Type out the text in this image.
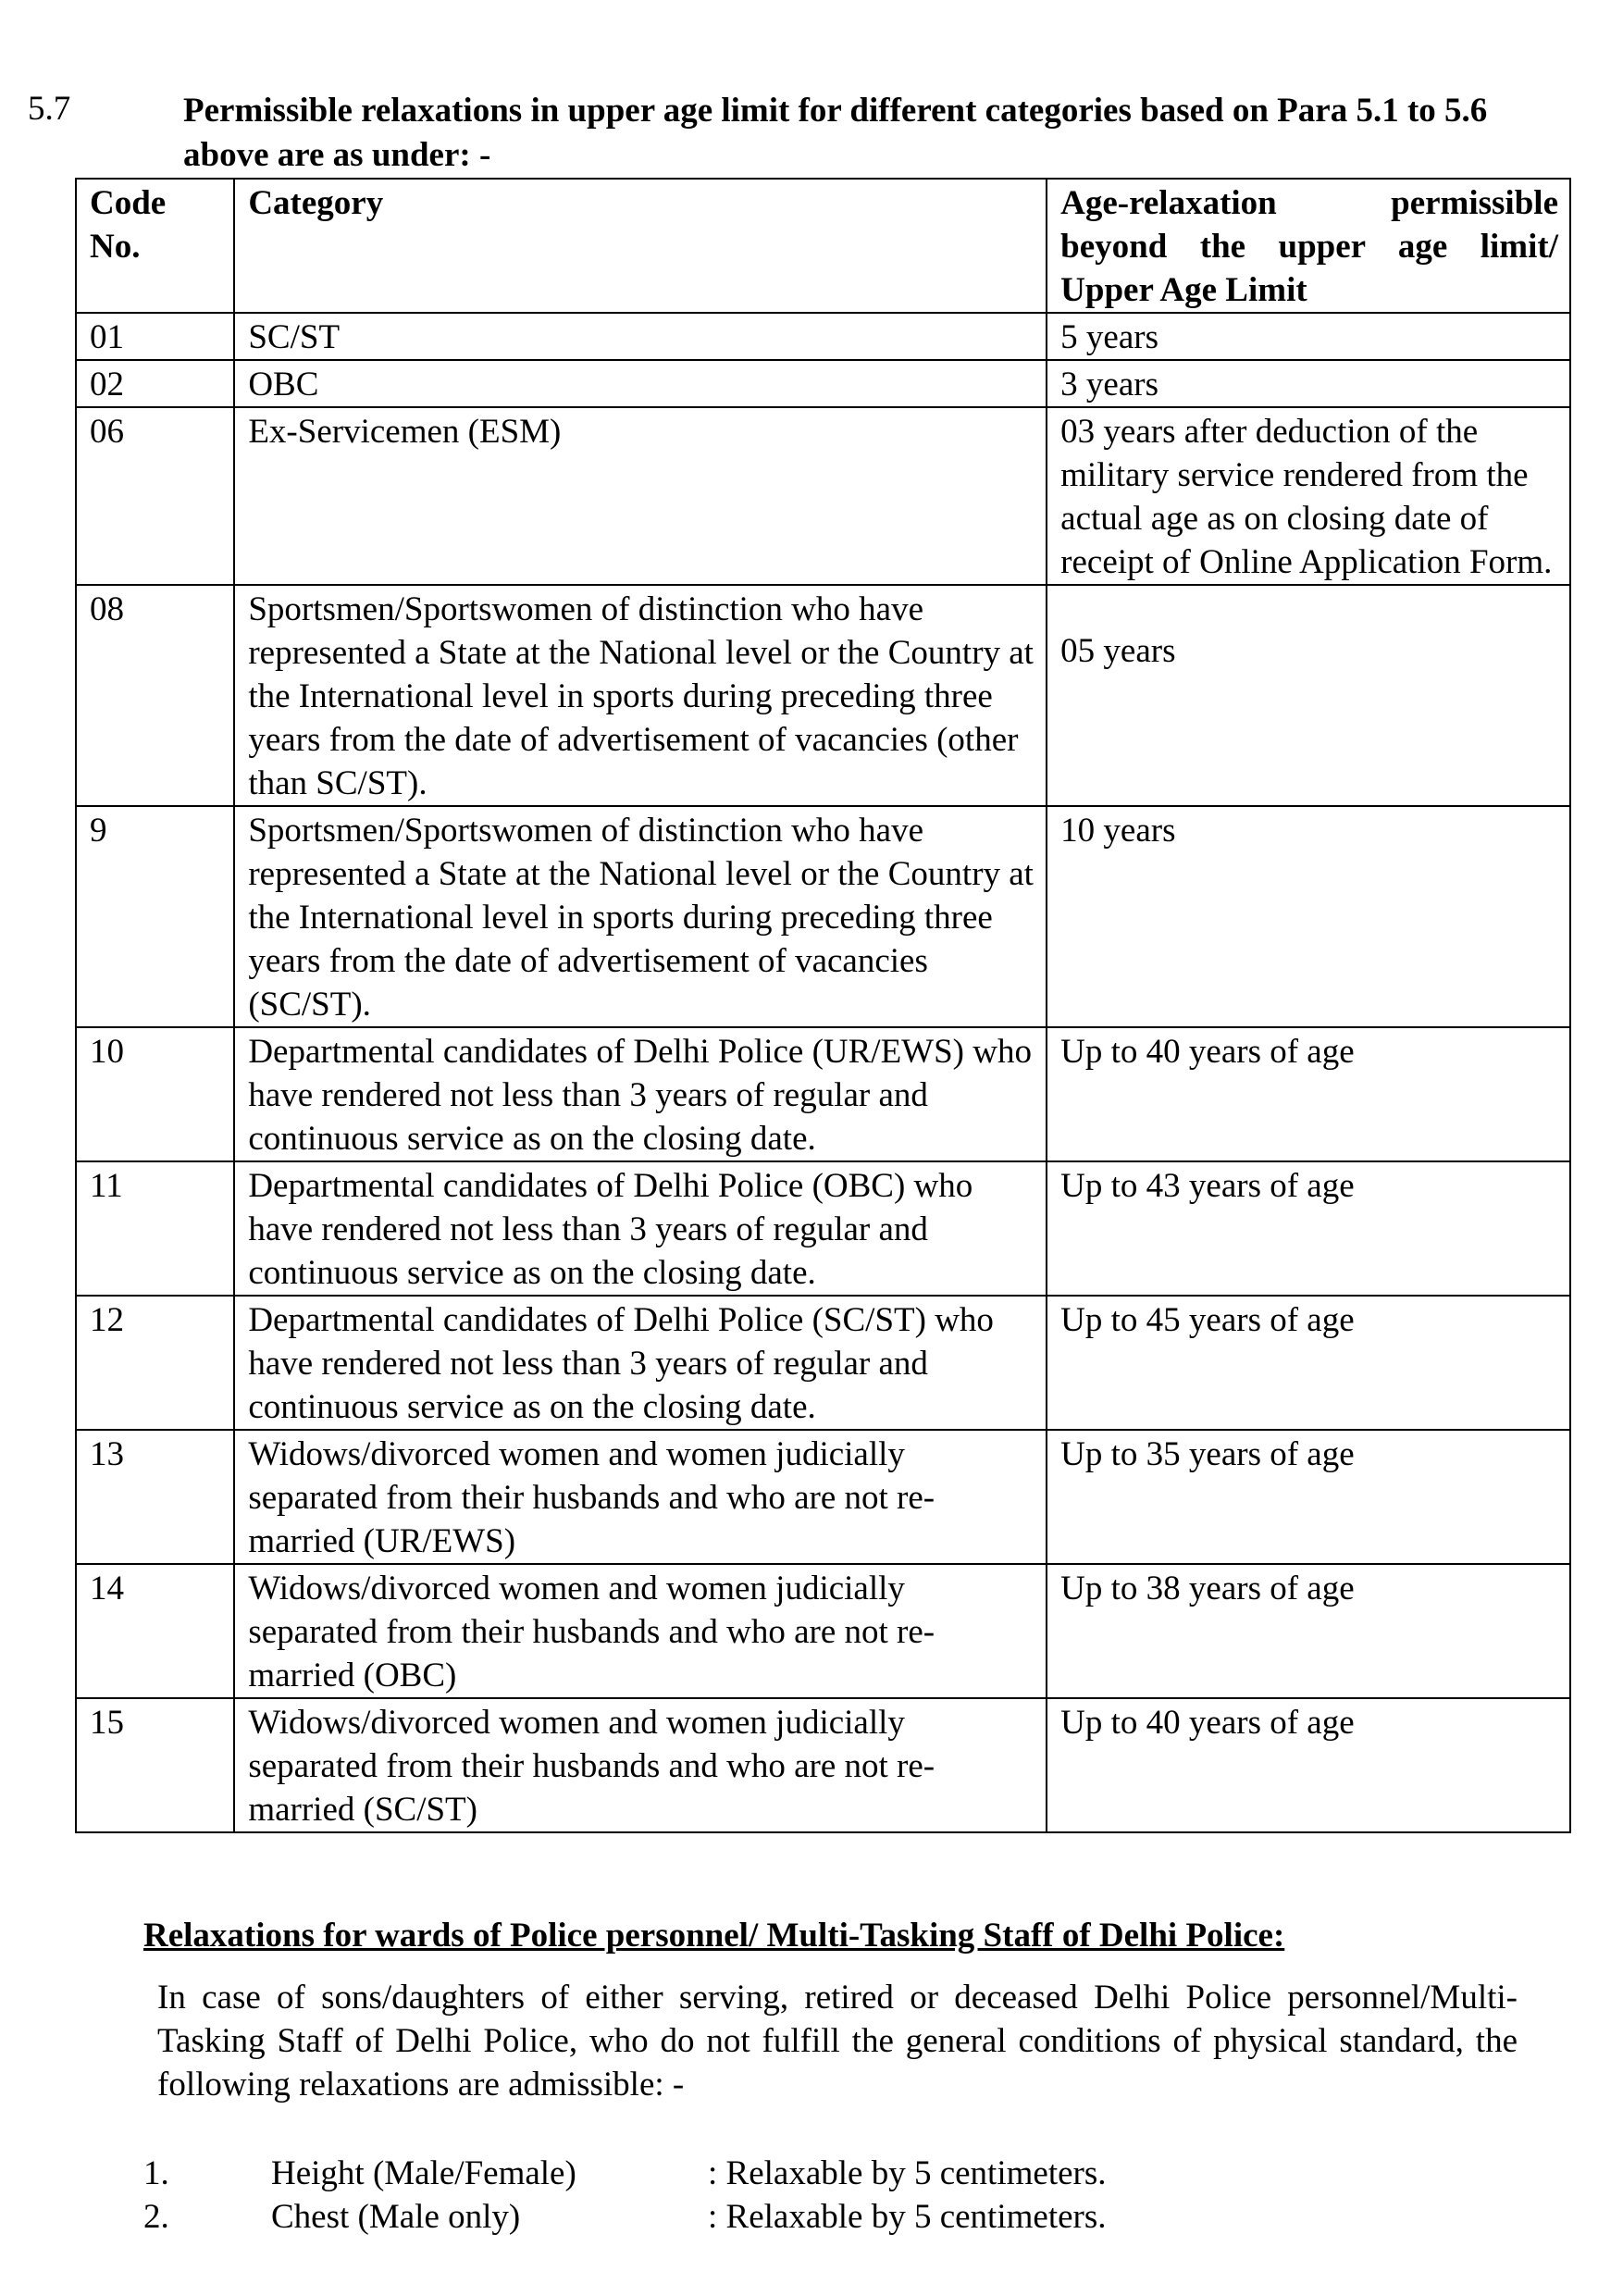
5.7	Permissible relaxations in upper age limit for different categories based on Para 5.1 to 5.6 above are as under: -
Code No.	Category	Age-relaxation permissible beyond the upper age limit/ Upper Age Limit
01	SC/ST	5 years
02	OBC	3 years
06	Ex-Servicemen (ESM)	03 years after deduction of the military service rendered from the actual age as on closing date of receipt of Online Application Form.
08	Sportsmen/Sportswomen of distinction who have represented a State at the National level or the Country at the International level in sports during preceding three years from the date of advertisement of vacancies (other than SC/ST).	05 years
9	Sportsmen/Sportswomen of distinction who have represented a State at the National level or the Country at the International level in sports during preceding three years from the date of advertisement of vacancies (SC/ST).	10 years
10	Departmental candidates of Delhi Police (UR/EWS) who have rendered not less than 3 years of regular and continuous service as on the closing date.	Up to 40 years of age
11	Departmental candidates of Delhi Police (OBC) who have rendered not less than 3 years of regular and continuous service as on the closing date.	Up to 43 years of age
12	Departmental candidates of Delhi Police (SC/ST) who have rendered not less than 3 years of regular and continuous service as on the closing date.	Up to 45 years of age
13	Widows/divorced women and women judicially separated from their husbands and who are not re-married (UR/EWS)	Up to 35 years of age
14	Widows/divorced women and women judicially separated from their husbands and who are not re-married (OBC)	Up to 38 years of age
15	Widows/divorced women and women judicially separated from their husbands and who are not re-married (SC/ST)	Up to 40 years of age
Relaxations for wards of Police personnel/ Multi-Tasking Staff of Delhi Police:
In case of sons/daughters of either serving, retired or deceased Delhi Police personnel/Multi-Tasking Staff of Delhi Police, who do not fulfill the general conditions of physical standard, the following relaxations are admissible: -
1.	Height (Male/Female)	: Relaxable by 5 centimeters.
2.	Chest (Male only)	: Relaxable by 5 centimeters.
